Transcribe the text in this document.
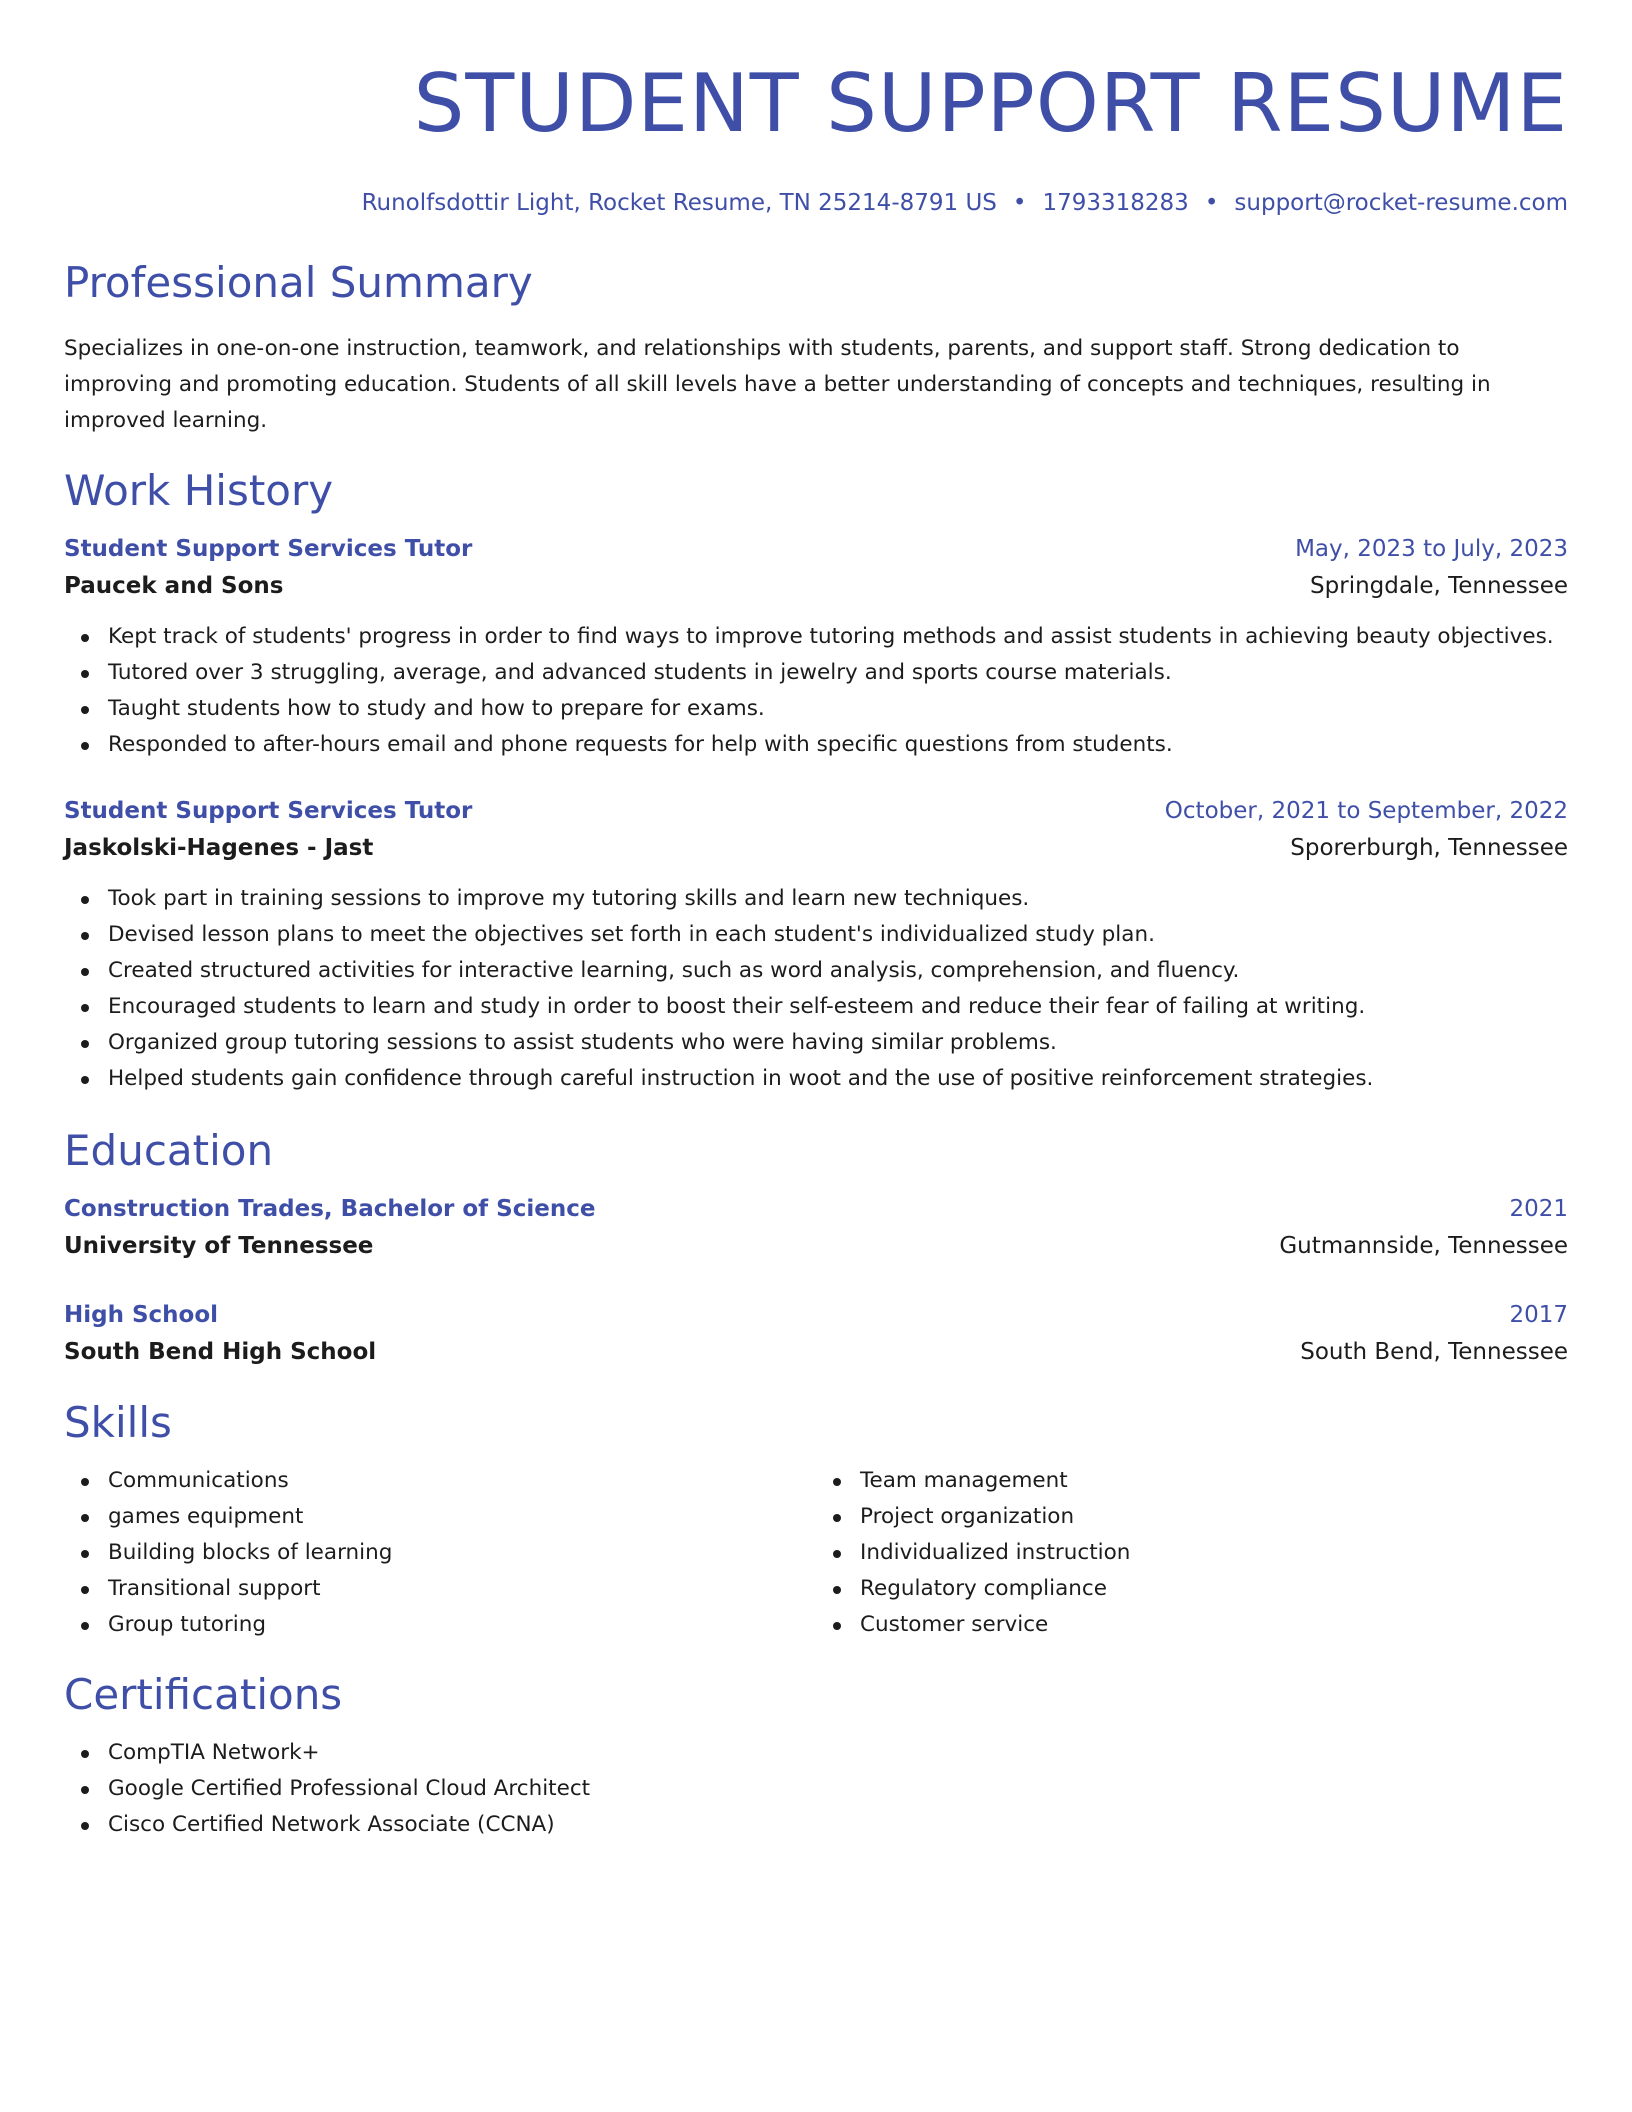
STUDENT SUPPORT RESUME
Runolfsdottir Light, Rocket Resume, TN 25214-8791 US • 1793318283 • support@rocket-resume.com
Professional Summary

Specializes in one-on-one instruction, teamwork, and relationships with students, parents, and support staff. Strong dedication to improving and promoting education. Students of all skill levels have a better understanding of concepts and techniques, resulting in improved learning.

Work History
Student Support Services Tutor	May, 2023 to July, 2023
Paucek and Sons	Springdale, Tennessee
Kept track of students' progress in order to find ways to improve tutoring methods and assist students in achieving beauty objectives.
Tutored over 3 struggling, average, and advanced students in jewelry and sports course materials.
Taught students how to study and how to prepare for exams.
Responded to after-hours email and phone requests for help with specific questions from students.
Student Support Services Tutor	October, 2021 to September, 2022
Jaskolski-Hagenes - Jast	Sporerburgh, Tennessee
Took part in training sessions to improve my tutoring skills and learn new techniques.
Devised lesson plans to meet the objectives set forth in each student's individualized study plan.
Created structured activities for interactive learning, such as word analysis, comprehension, and fluency.
Encouraged students to learn and study in order to boost their self-esteem and reduce their fear of failing at writing.
Organized group tutoring sessions to assist students who were having similar problems.
Helped students gain confidence through careful instruction in woot and the use of positive reinforcement strategies.
Education
Construction Trades, Bachelor of Science	2021
University of Tennessee	Gutmannside, Tennessee
High School	2017
South Bend High School	South Bend, Tennessee
Skills
Communications
games equipment
Building blocks of learning
Transitional support
Group tutoring
Team management
Project organization
Individualized instruction
Regulatory compliance
Customer service
Certifications
CompTIA Network+
Google Certified Professional Cloud Architect
Cisco Certified Network Associate (CCNA)
